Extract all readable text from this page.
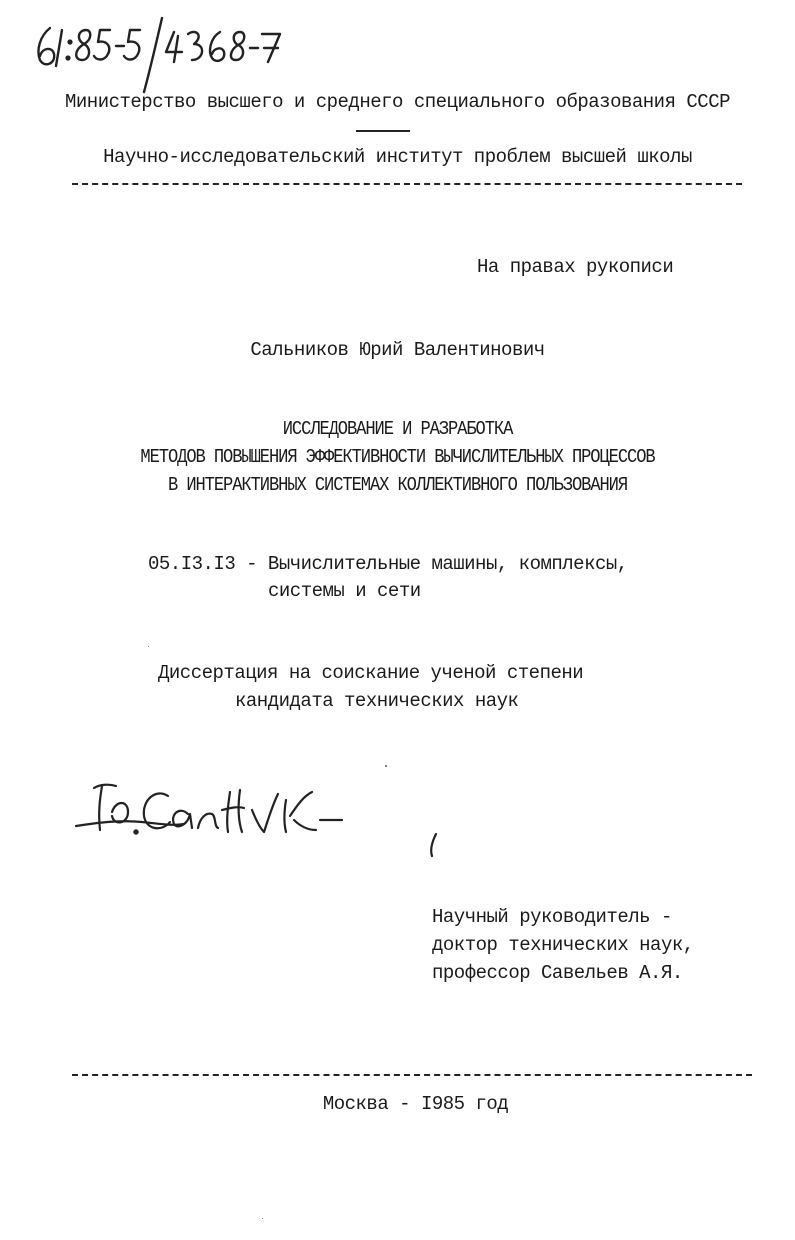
61:85-5/4368-7
Министерство высшего и среднего специального образования СССР
Научно-исследовательский институт проблем высшей школы
На правах рукописи
Сальников Юрий Валентинович
ИССЛЕДОВАНИЕ И РАЗРАБОТКА
МЕТОДОВ ПОВЫШЕНИЯ ЭФФЕКТИВНОСТИ ВЫЧИСЛИТЕЛЬНЫХ ПРОЦЕССОВ
В ИНТЕРАКТИВНЫХ СИСТЕМАХ КОЛЛЕКТИВНОГО ПОЛЬЗОВАНИЯ
05.I3.I3 - Вычислительные машины, комплексы,
системы и сети
Диссертация на соискание ученой степени
кандидата технических наук
Ю.Сальников
Научный руководитель -
доктор технических наук,
профессор Савельев А.Я.
Москва - I985 год
